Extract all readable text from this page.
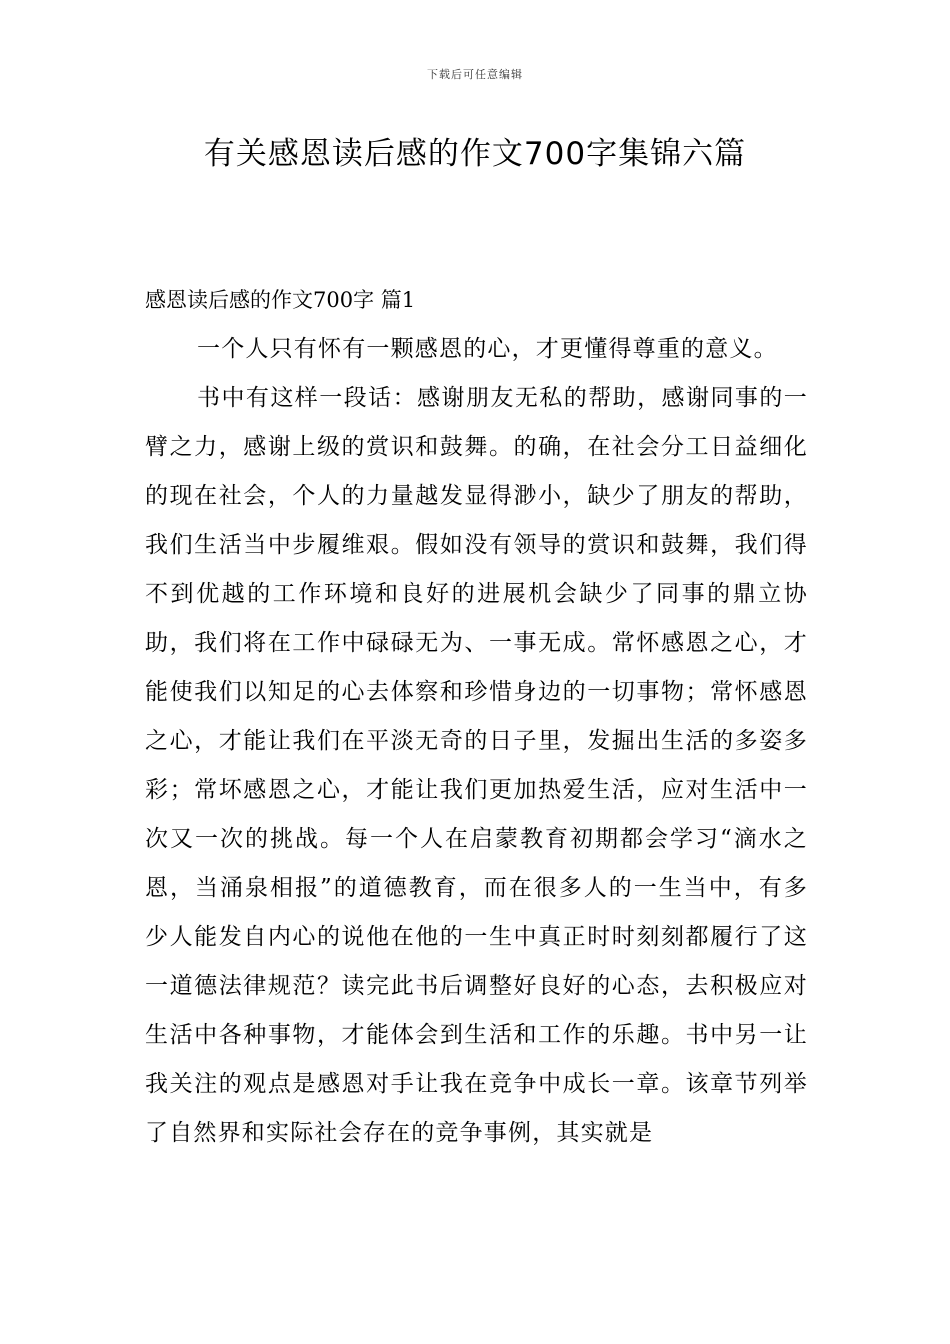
下载后可任意编辑
有关感恩读后感的作文700字集锦六篇
感恩读后感的作文700字 篇1

一个人只有怀有一颗感恩的心，才更懂得尊重的意义。

书中有这样一段话：感谢朋友无私的帮助，感谢同事的一臂之力，感谢上级的赏识和鼓舞。的确，在社会分工日益细化的现在社会，个人的力量越发显得渺小，缺少了朋友的帮助，我们生活当中步履维艰。假如没有领导的赏识和鼓舞，我们得不到优越的工作环境和良好的进展机会缺少了同事的鼎立协助，我们将在工作中碌碌无为、一事无成。常怀感恩之心，才能使我们以知足的心去体察和珍惜身边的一切事物；常怀感恩之心，才能让我们在平淡无奇的日子里，发掘出生活的多姿多彩；常坏感恩之心，才能让我们更加热爱生活，应对生活中一次又一次的挑战。每一个人在启蒙教育初期都会学习“滴水之恩，当涌泉相报”的道德教育，而在很多人的一生当中，有多少人能发自内心的说他在他的一生中真正时时刻刻都履行了这一道德法律规范？读完此书后调整好良好的心态，去积极应对生活中各种事物，才能体会到生活和工作的乐趣。书中另一让我关注的观点是感恩对手让我在竞争中成长一章。该章节列举了自然界和实际社会存在的竞争事例，其实就是
